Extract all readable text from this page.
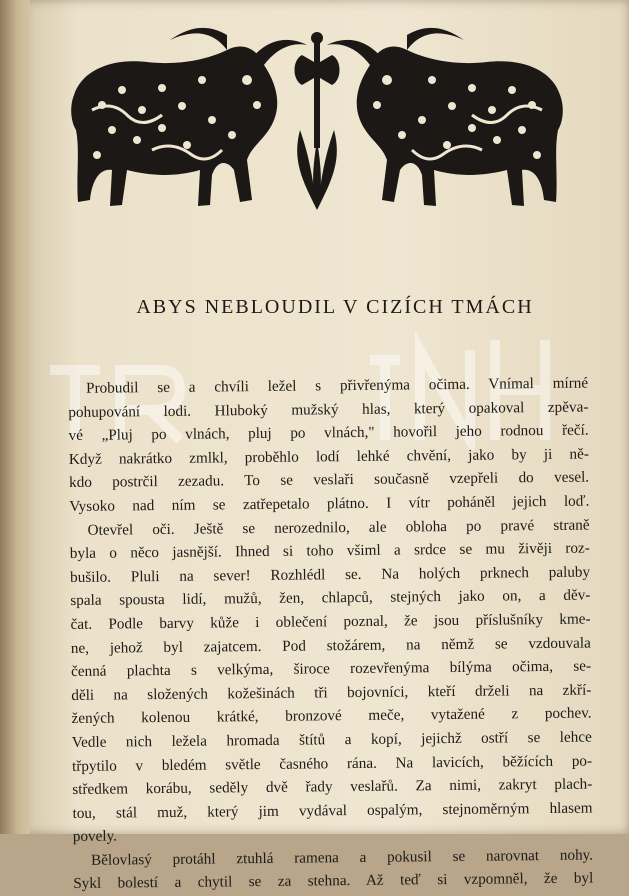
ABYS NEBLOUDIL V CIZÍCH TMÁCH
Probudil se a chvíli ležel s přivřenýma očima. Vnímal mírné
pohupování lodi. Hluboký mužský hlas, který opakoval zpěva-
vé „Pluj po vlnách, pluj po vlnách," hovořil jeho rodnou řečí.
Když nakrátko zmlkl, proběhlo lodí lehké chvění, jako by ji ně-
kdo postrčil zezadu. To se veslaři současně vzepřeli do vesel.
Vysoko nad ním se zatřepetalo plátno. I vítr poháněl jejich loď.
Otevřel oči. Ještě se nerozednilo, ale obloha po pravé straně
byla o něco jasnější. Ihned si toho všiml a srdce se mu živěji roz-
bušilo. Pluli na sever! Rozhlédl se. Na holých prknech paluby
spala spousta lidí, mužů, žen, chlapců, stejných jako on, a děv-
čat. Podle barvy kůže i oblečení poznal, že jsou příslušníky kme-
ne, jehož byl zajatcem. Pod stožárem, na němž se vzdouvala
čenná plachta s velkýma, široce rozevřenýma bílýma očima, se-
děli na složených kožešinách tři bojovníci, kteří drželi na zkří-
žených kolenou krátké, bronzové meče, vytažené z pochev.
Vedle nich ležela hromada štítů a kopí, jejichž ostří se lehce
třpytilo v bledém světle časného rána. Na lavicích, běžících po-
středkem korábu, seděly dvě řady veslařů. Za nimi, zakryt plach-
tou, stál muž, který jim vydával ospalým, stejnoměrným hlasem
povely.
Bělovlasý protáhl ztuhlá ramena a pokusil se narovnat nohy.
Sykl bolestí a chytil se za stehna. Až teď si vzpomněl, že byl
